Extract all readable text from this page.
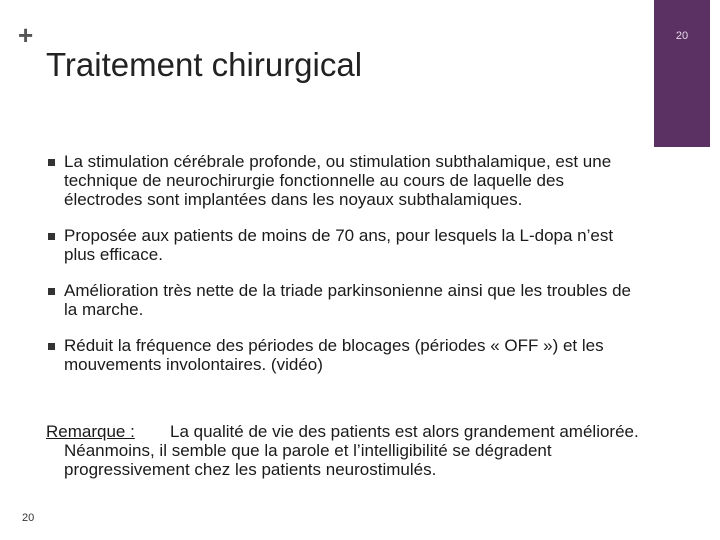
+
Traitement chirurgical
20
La stimulation cérébrale profonde, ou stimulation subthalamique, est une technique de neurochirurgie fonctionnelle au cours de laquelle des électrodes sont implantées dans les noyaux subthalamiques.
Proposée aux patients de moins de 70 ans, pour lesquels la L-dopa n’est plus efficace.
Amélioration très nette de la triade parkinsonienne ainsi que les troubles de la marche.
Réduit la fréquence des périodes de blocages (périodes « OFF ») et les mouvements involontaires. (vidéo)
Remarque :	La qualité de vie des patients est alors grandement améliorée. Néanmoins, il semble que la parole et l’intelligibilité se dégradent progressivement chez les patients neurostimulés.
20
